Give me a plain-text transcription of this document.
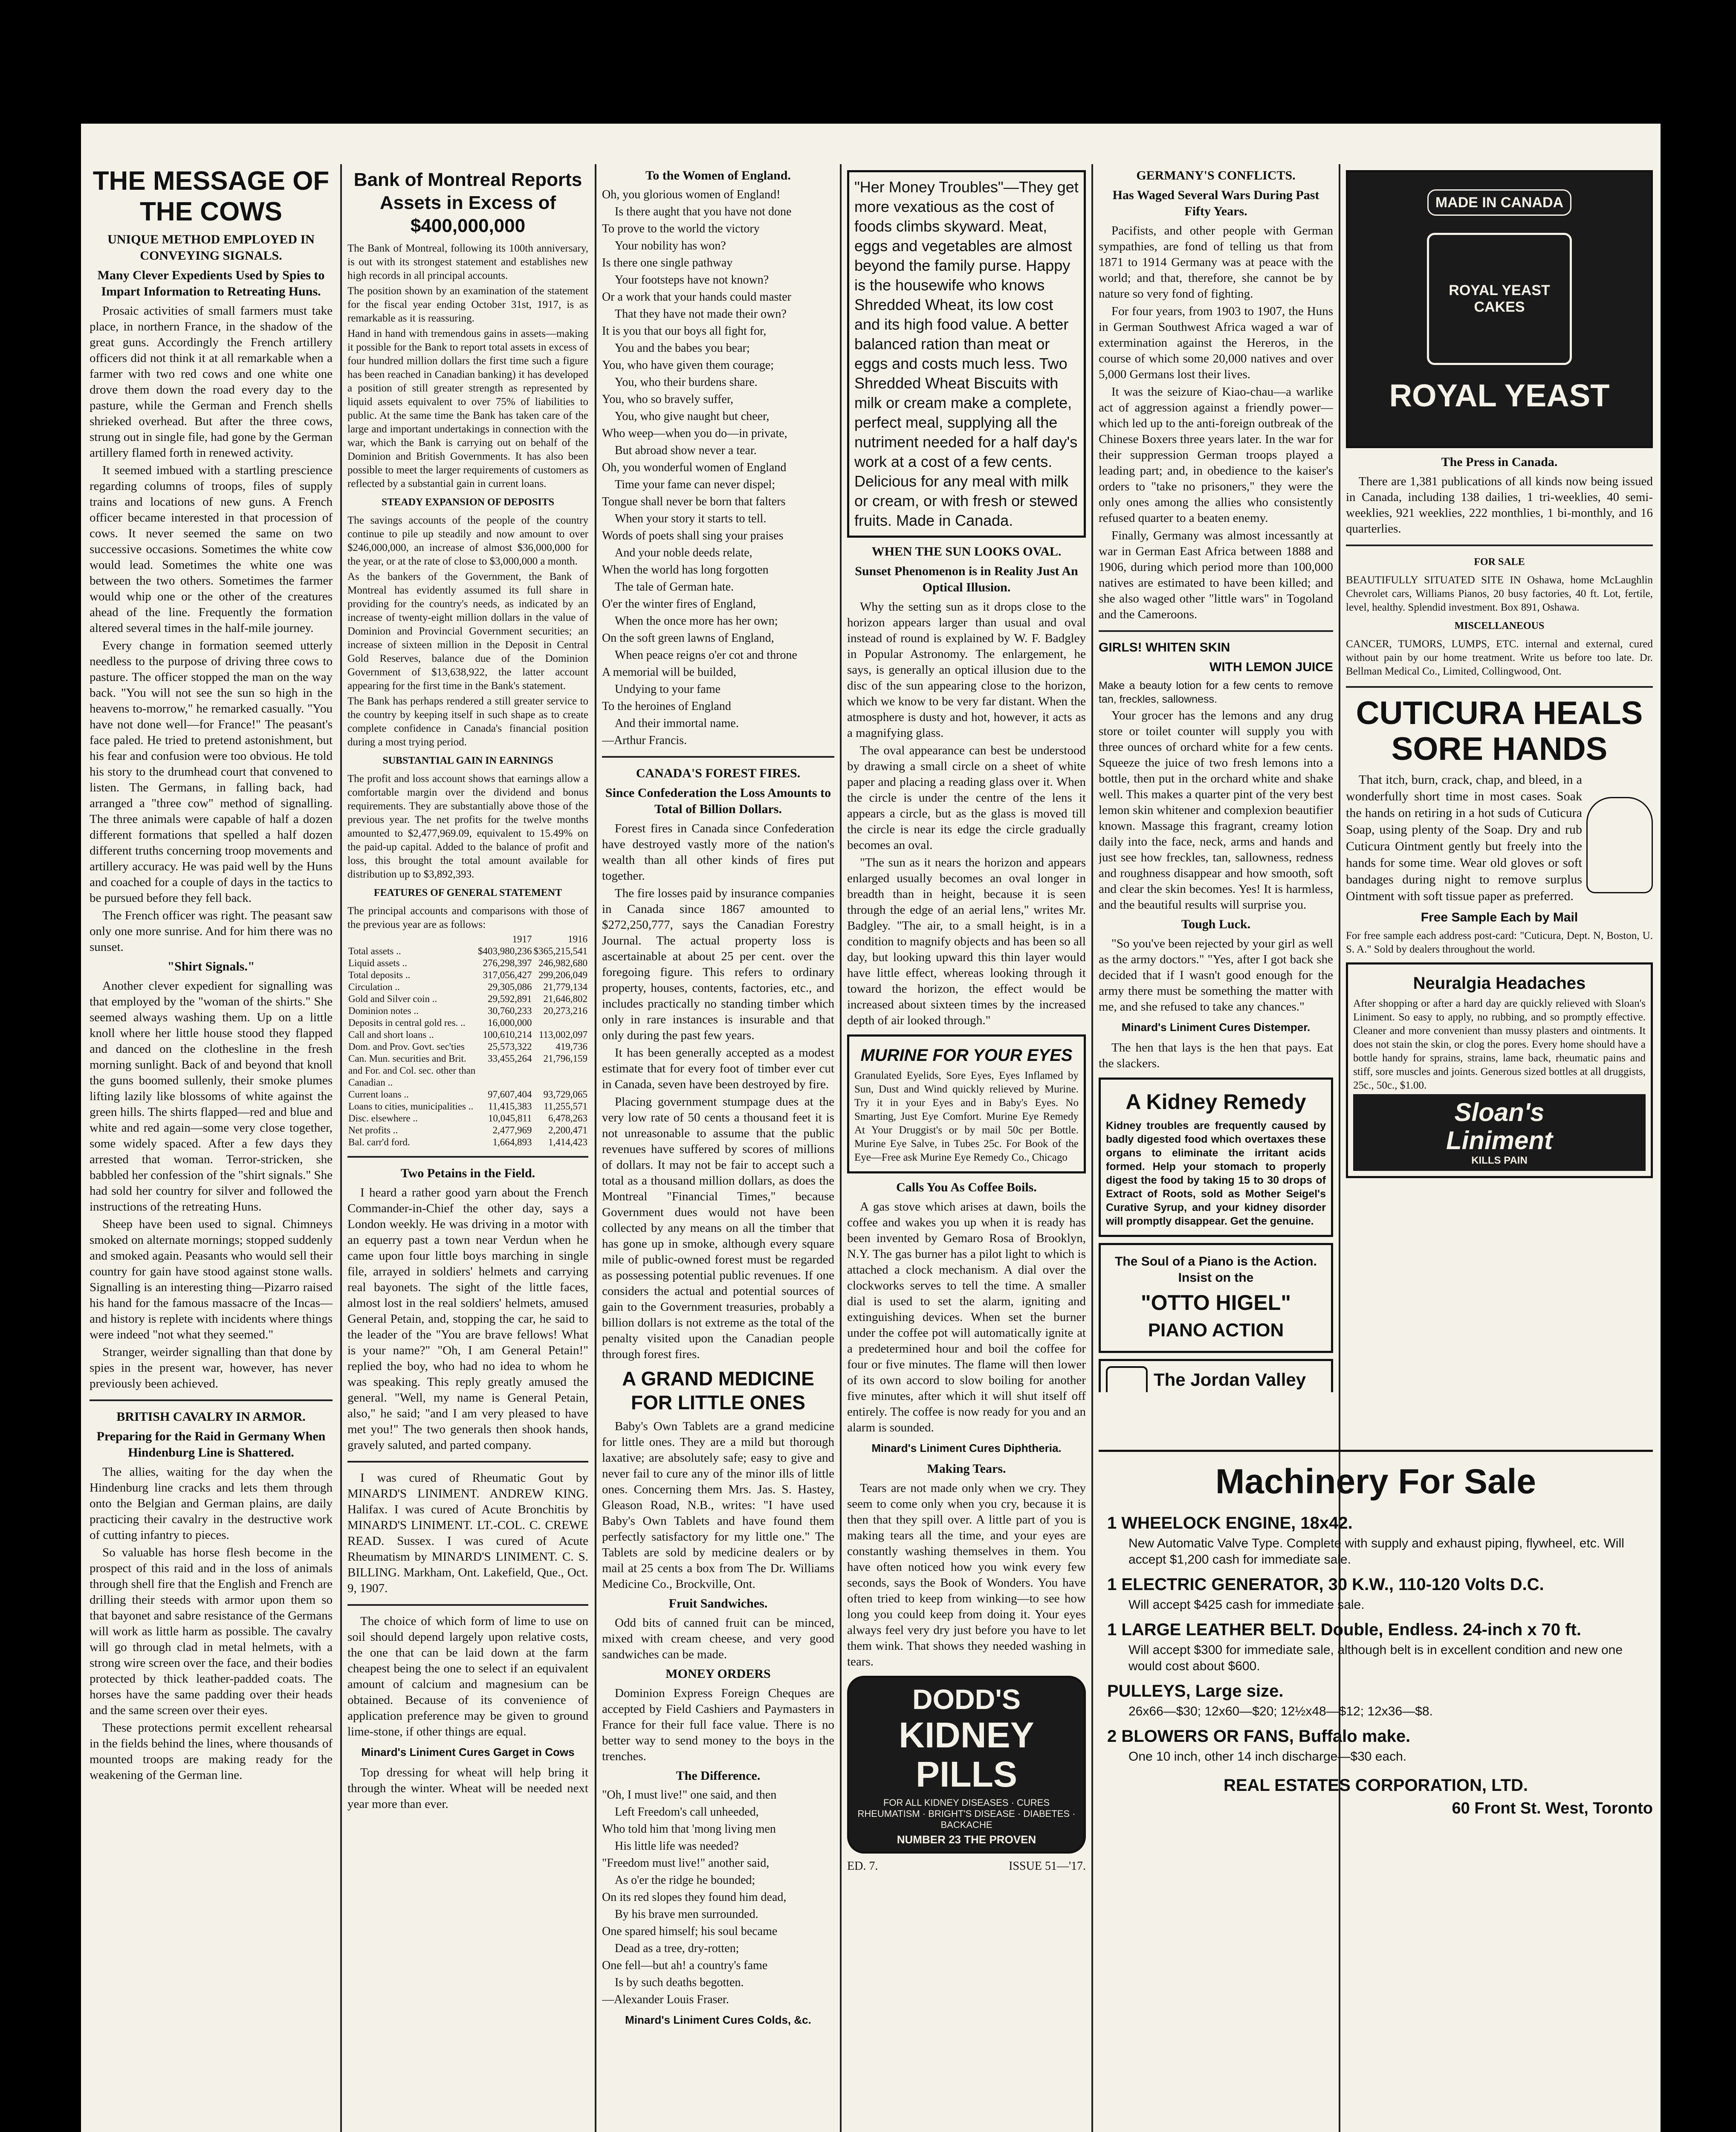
THE MESSAGE OF THE COWS
UNIQUE METHOD EMPLOYED IN CONVEYING SIGNALS.
Many Clever Expedients Used by Spies to Impart Information to Retreating Huns.

Prosaic activities of small farmers must take place, in northern France, in the shadow of the great guns. Accordingly the French artillery officers did not think it at all remarkable when a farmer with two red cows and one white one drove them down the road every day to the pasture, while the German and French shells shrieked overhead. But after the three cows, strung out in single file, had gone by the German artillery flamed forth in renewed activity.

It seemed imbued with a startling prescience regarding columns of troops, files of supply trains and locations of new guns. A French officer became interested in that procession of cows. It never seemed the same on two successive occasions. Sometimes the white cow would lead. Sometimes the white one was between the two others. Sometimes the farmer would whip one or the other of the creatures ahead of the line. Frequently the formation altered several times in the half-mile journey.

Every change in formation seemed utterly needless to the purpose of driving three cows to pasture. The officer stopped the man on the way back. "You will not see the sun so high in the heavens to-morrow," he remarked casually. "You have not done well—for France!" The peasant's face paled. He tried to pretend astonishment, but his fear and confusion were too obvious. He told his story to the drumhead court that convened to listen. The Germans, in falling back, had arranged a "three cow" method of signalling. The three animals were capable of half a dozen different formations that spelled a half dozen different truths concerning troop movements and artillery accuracy. He was paid well by the Huns and coached for a couple of days in the tactics to be pursued before they fell back.

The French officer was right. The peasant saw only one more sunrise. And for him there was no sunset.

"Shirt Signals."

Another clever expedient for signalling was that employed by the "woman of the shirts." She seemed always washing them. Up on a little knoll where her little house stood they flapped and danced on the clothesline in the fresh morning sunlight. Back of and beyond that knoll the guns boomed sullenly, their smoke plumes lifting lazily like blossoms of white against the green hills. The shirts flapped—red and blue and white and red again—some very close together, some widely spaced. After a few days they arrested that woman. Terror-stricken, she babbled her confession of the "shirt signals." She had sold her country for silver and followed the instructions of the retreating Huns.

Sheep have been used to signal. Chimneys smoked on alternate mornings; stopped suddenly and smoked again. Peasants who would sell their country for gain have stood against stone walls. Signalling is an interesting thing—Pizarro raised his hand for the famous massacre of the Incas—and history is replete with incidents where things were indeed "not what they seemed."

Stranger, weirder signalling than that done by spies in the present war, however, has never previously been achieved.

BRITISH CAVALRY IN ARMOR.
Preparing for the Raid in Germany When Hindenburg Line is Shattered.

The allies, waiting for the day when the Hindenburg line cracks and lets them through onto the Belgian and German plains, are daily practicing their cavalry in the destructive work of cutting infantry to pieces.

So valuable has horse flesh become in the prospect of this raid and in the loss of animals through shell fire that the English and French are drilling their steeds with armor upon them so that bayonet and sabre resistance of the Germans will work as little harm as possible. The cavalry will go through clad in metal helmets, with a strong wire screen over the face, and their bodies protected by thick leather-padded coats. The horses have the same padding over their heads and the same screen over their eyes.

These protections permit excellent rehearsal in the fields behind the lines, where thousands of mounted troops are making ready for the weakening of the German line.

Bank of Montreal Reports Assets in Excess of $400,000,000

The Bank of Montreal, following its 100th anniversary, is out with its strongest statement and establishes new high records in all principal accounts.

The position shown by an examination of the statement for the fiscal year ending October 31st, 1917, is as remarkable as it is reassuring.

Hand in hand with tremendous gains in assets—making it possible for the Bank to report total assets in excess of four hundred million dollars the first time such a figure has been reached in Canadian banking) it has developed a position of still greater strength as represented by liquid assets equivalent to over 75% of liabilities to public. At the same time the Bank has taken care of the large and important undertakings in connection with the war, which the Bank is carrying out on behalf of the Dominion and British Governments. It has also been possible to meet the larger requirements of customers as reflected by a substantial gain in current loans.

STEADY EXPANSION OF DEPOSITS

The savings accounts of the people of the country continue to pile up steadily and now amount to over $246,000,000, an increase of almost $36,000,000 for the year, or at the rate of close to $3,000,000 a month.

As the bankers of the Government, the Bank of Montreal has evidently assumed its full share in providing for the country's needs, as indicated by an increase of twenty-eight million dollars in the value of Dominion and Provincial Government securities; an increase of sixteen million in the Deposit in Central Gold Reserves, balance due of the Dominion Government of $13,638,922, the latter account appearing for the first time in the Bank's statement.

The Bank has perhaps rendered a still greater service to the country by keeping itself in such shape as to create complete confidence in Canada's financial position during a most trying period.

SUBSTANTIAL GAIN IN EARNINGS

The profit and loss account shows that earnings allow a comfortable margin over the dividend and bonus requirements. They are substantially above those of the previous year. The net profits for the twelve months amounted to $2,477,969.09, equivalent to 15.49% on the paid-up capital. Added to the balance of profit and loss, this brought the total amount available for distribution up to $3,892,393.

FEATURES OF GENERAL STATEMENT

The principal accounts and comparisons with those of the previous year are as follows:

	1917	1916
Total assets ..	$403,980,236	$365,215,541
Liquid assets ..	276,298,397	246,982,680
Total deposits ..	317,056,427	299,206,049
Circulation ..	29,305,086	21,779,134
Gold and Silver coin ..	29,592,891	21,646,802
Dominion notes ..	30,760,233	20,273,216
Deposits in central gold res. ..	16,000,000	
Call and short loans ..	100,610,214	113,002,097
Dom. and Prov. Govt. sec'ties	25,573,322	419,736
Can. Mun. securities and Brit. and For. and Col. sec. other than Canadian ..	33,455,264	21,796,159
Current loans ..	97,607,404	93,729,065
Loans to cities, municipalities ..	11,415,383	11,255,571
Disc. elsewhere ..	10,045,811	6,478,263
Net profits ..	2,477,969	2,200,471
Bal. carr'd ford.	1,664,893	1,414,423
Two Petains in the Field.

I heard a rather good yarn about the French Commander-in-Chief the other day, says a London weekly. He was driving in a motor with an equerry past a town near Verdun when he came upon four little boys marching in single file, arrayed in soldiers' helmets and carrying real bayonets. The sight of the little faces, almost lost in the real soldiers' helmets, amused General Petain, and, stopping the car, he said to the leader of the "You are brave fellows! What is your name?" "Oh, I am General Petain!" replied the boy, who had no idea to whom he was speaking. This reply greatly amused the general. "Well, my name is General Petain, also," he said; "and I am very pleased to have met you!" The two generals then shook hands, gravely saluted, and parted company.

I was cured of Rheumatic Gout by MINARD'S LINIMENT. ANDREW KING. Halifax. I was cured of Acute Bronchitis by MINARD'S LINIMENT. LT.-COL. C. CREWE READ. Sussex. I was cured of Acute Rheumatism by MINARD'S LINIMENT. C. S. BILLING. Markham, Ont. Lakefield, Que., Oct. 9, 1907.

The choice of which form of lime to use on soil should depend largely upon relative costs, the one that can be laid down at the farm cheapest being the one to select if an equivalent amount of calcium and magnesium can be obtained. Because of its convenience of application preference may be given to ground lime-stone, if other things are equal.

Minard's Liniment Cures Garget in Cows

Top dressing for wheat will help bring it through the winter. Wheat will be needed next year more than ever.

To the Women of England.
Oh, you glorious women of England!
Is there aught that you have not done
To prove to the world the victory
Your nobility has won?
Is there one single pathway
Your footsteps have not known?
Or a work that your hands could master
That they have not made their own?
It is you that our boys all fight for,
You and the babes you bear;
You, who have given them courage;
You, who their burdens share.
You, who so bravely suffer,
You, who give naught but cheer,
Who weep—when you do—in private,
But abroad show never a tear.
Oh, you wonderful women of England
Time your fame can never dispel;
Tongue shall never be born that falters
When your story it starts to tell.
Words of poets shall sing your praises
And your noble deeds relate,
When the world has long forgotten
The tale of German hate.
O'er the winter fires of England,
When the once more has her own;
On the soft green lawns of England,
When peace reigns o'er cot and throne
A memorial will be builded,
Undying to your fame
To the heroines of England
And their immortal name.
—Arthur Francis.
CANADA'S FOREST FIRES.
Since Confederation the Loss Amounts to Total of Billion Dollars.

Forest fires in Canada since Confederation have destroyed vastly more of the nation's wealth than all other kinds of fires put together.

The fire losses paid by insurance companies in Canada since 1867 amounted to $272,250,777, says the Canadian Forestry Journal. The actual property loss is ascertainable at about 25 per cent. over the foregoing figure. This refers to ordinary property, houses, contents, factories, etc., and includes practically no standing timber which only in rare instances is insurable and that only during the past few years.

It has been generally accepted as a modest estimate that for every foot of timber ever cut in Canada, seven have been destroyed by fire.

Placing government stumpage dues at the very low rate of 50 cents a thousand feet it is not unreasonable to assume that the public revenues have suffered by scores of millions of dollars. It may not be fair to accept such a total as a thousand million dollars, as does the Montreal "Financial Times," because Government dues would not have been collected by any means on all the timber that has gone up in smoke, although every square mile of public-owned forest must be regarded as possessing potential public revenues. If one considers the actual and potential sources of gain to the Government treasuries, probably a billion dollars is not extreme as the total of the penalty visited upon the Canadian people through forest fires.

A GRAND MEDICINE FOR LITTLE ONES

Baby's Own Tablets are a grand medicine for little ones. They are a mild but thorough laxative; are absolutely safe; easy to give and never fail to cure any of the minor ills of little ones. Concerning them Mrs. Jas. S. Hastey, Gleason Road, N.B., writes: "I have used Baby's Own Tablets and have found them perfectly satisfactory for my little one." The Tablets are sold by medicine dealers or by mail at 25 cents a box from The Dr. Williams Medicine Co., Brockville, Ont.

Fruit Sandwiches.

Odd bits of canned fruit can be minced, mixed with cream cheese, and very good sandwiches can be made.

MONEY ORDERS

Dominion Express Foreign Cheques are accepted by Field Cashiers and Paymasters in France for their full face value. There is no better way to send money to the boys in the trenches.

The Difference.
"Oh, I must live!" one said, and then
Left Freedom's call unheeded,
Who told him that 'mong living men
His little life was needed?
"Freedom must live!" another said,
As o'er the ridge he bounded;
On its red slopes they found him dead,
By his brave men surrounded.
One spared himself; his soul became
Dead as a tree, dry-rotten;
One fell—but ah! a country's fame
Is by such deaths begotten.
—Alexander Louis Fraser.
Minard's Liniment Cures Colds, &c.
"Her Money Troubles"—They get more vexatious as the cost of foods climbs skyward. Meat, eggs and vegetables are almost beyond the family purse. Happy is the housewife who knows Shredded Wheat, its low cost and its high food value. A better balanced ration than meat or eggs and costs much less. Two Shredded Wheat Biscuits with milk or cream make a complete, perfect meal, supplying all the nutriment needed for a half day's work at a cost of a few cents. Delicious for any meal with milk or cream, or with fresh or stewed fruits. Made in Canada.
WHEN THE SUN LOOKS OVAL.
Sunset Phenomenon is in Reality Just An Optical Illusion.

Why the setting sun as it drops close to the horizon appears larger than usual and oval instead of round is explained by W. F. Badgley in Popular Astronomy. The enlargement, he says, is generally an optical illusion due to the disc of the sun appearing close to the horizon, which we know to be very far distant. When the atmosphere is dusty and hot, however, it acts as a magnifying glass.

The oval appearance can best be understood by drawing a small circle on a sheet of white paper and placing a reading glass over it. When the circle is under the centre of the lens it appears a circle, but as the glass is moved till the circle is near its edge the circle gradually becomes an oval.

"The sun as it nears the horizon and appears enlarged usually becomes an oval longer in breadth than in height, because it is seen through the edge of an aerial lens," writes Mr. Badgley. "The air, to a small height, is in a condition to magnify objects and has been so all day, but looking upward this thin layer would have little effect, whereas looking through it toward the horizon, the effect would be increased about sixteen times by the increased depth of air looked through."

MURINE FOR YOUR EYES

Granulated Eyelids, Sore Eyes, Eyes Inflamed by Sun, Dust and Wind quickly relieved by Murine. Try it in your Eyes and in Baby's Eyes. No Smarting, Just Eye Comfort. Murine Eye Remedy At Your Druggist's or by mail 50c per Bottle. Murine Eye Salve, in Tubes 25c. For Book of the Eye—Free ask Murine Eye Remedy Co., Chicago

Calls You As Coffee Boils.

A gas stove which arises at dawn, boils the coffee and wakes you up when it is ready has been invented by Gemaro Rosa of Brooklyn, N.Y. The gas burner has a pilot light to which is attached a clock mechanism. A dial over the clockworks serves to tell the time. A smaller dial is used to set the alarm, igniting and extinguishing devices. When set the burner under the coffee pot will automatically ignite at a predetermined hour and boil the coffee for four or five minutes. The flame will then lower of its own accord to slow boiling for another five minutes, after which it will shut itself off entirely. The coffee is now ready for you and an alarm is sounded.

Minard's Liniment Cures Diphtheria.
Making Tears.

Tears are not made only when we cry. They seem to come only when you cry, because it is then that they spill over. A little part of you is making tears all the time, and your eyes are constantly washing themselves in them. You have often noticed how you wink every few seconds, says the Book of Wonders. You have often tried to keep from winking—to see how long you could keep from doing it. Your eyes always feel very dry just before you have to let them wink. That shows they needed washing in tears.

DODD'S
KIDNEY
PILLS
FOR ALL KIDNEY DISEASES · CURES RHEUMATISM · BRIGHT'S DISEASE · DIABETES · BACKACHE
NUMBER 23 THE PROVEN
ED. 7.	ISSUE 51—'17.
GERMANY'S CONFLICTS.
Has Waged Several Wars During Past Fifty Years.

Pacifists, and other people with German sympathies, are fond of telling us that from 1871 to 1914 Germany was at peace with the world; and that, therefore, she cannot be by nature so very fond of fighting.

For four years, from 1903 to 1907, the Huns in German Southwest Africa waged a war of extermination against the Hereros, in the course of which some 20,000 natives and over 5,000 Germans lost their lives.

It was the seizure of Kiao-chau—a warlike act of aggression against a friendly power—which led up to the anti-foreign outbreak of the Chinese Boxers three years later. In the war for their suppression German troops played a leading part; and, in obedience to the kaiser's orders to "take no prisoners," they were the only ones among the allies who consistently refused quarter to a beaten enemy.

Finally, Germany was almost incessantly at war in German East Africa between 1888 and 1906, during which period more than 100,000 natives are estimated to have been killed; and she also waged other "little wars" in Togoland and the Cameroons.

GIRLS! WHITEN SKIN
WITH LEMON JUICE

Make a beauty lotion for a few cents to remove tan, freckles, sallowness.

Your grocer has the lemons and any drug store or toilet counter will supply you with three ounces of orchard white for a few cents. Squeeze the juice of two fresh lemons into a bottle, then put in the orchard white and shake well. This makes a quarter pint of the very best lemon skin whitener and complexion beautifier known. Massage this fragrant, creamy lotion daily into the face, neck, arms and hands and just see how freckles, tan, sallowness, redness and roughness disappear and how smooth, soft and clear the skin becomes. Yes! It is harmless, and the beautiful results will surprise you.

Tough Luck.

"So you've been rejected by your girl as well as the army doctors." "Yes, after I got back she decided that if I wasn't good enough for the army there must be something the matter with me, and she refused to take any chances."

Minard's Liniment Cures Distemper.

The hen that lays is the hen that pays. Eat the slackers.

A Kidney Remedy

Kidney troubles are frequently caused by badly digested food which overtaxes these organs to eliminate the irritant acids formed. Help your stomach to properly digest the food by taking 15 to 30 drops of Extract of Roots, sold as Mother Seigel's Curative Syrup, and your kidney disorder will promptly disappear. Get the genuine.

The Soul of a Piano is the Action. Insist on the
"OTTO HIGEL"
PIANO ACTION
The Jordan Valley

Machinery For Sale
1 WHEELOCK ENGINE, 18x42.
New Automatic Valve Type. Complete with supply and exhaust piping, flywheel, etc. Will accept $1,200 cash for immediate sale.
1 ELECTRIC GENERATOR, 30 K.W., 110-120 Volts D.C.
Will accept $425 cash for immediate sale.
1 LARGE LEATHER BELT. Double, Endless. 24-inch x 70 ft.
Will accept $300 for immediate sale, although belt is in excellent condition and new one would cost about $600.
PULLEYS, Large size.
26x66—$30; 12x60—$20; 12½x48—$12; 12x36—$8.
2 BLOWERS OR FANS, Buffalo make.
One 10 inch, other 14 inch discharge—$30 each.
REAL ESTATES CORPORATION, LTD.
60 Front St. West, Toronto
MADE IN CANADA
ROYAL YEAST CAKES
ROYAL YEAST
The Press in Canada.

There are 1,381 publications of all kinds now being issued in Canada, including 138 dailies, 1 tri-weeklies, 40 semi-weeklies, 921 weeklies, 222 monthlies, 1 bi-monthly, and 16 quarterlies.

FOR SALE

BEAUTIFULLY SITUATED SITE IN Oshawa, home McLaughlin Chevrolet cars, Williams Pianos, 20 busy factories, 40 ft. Lot, fertile, level, healthy. Splendid investment. Box 891, Oshawa.

MISCELLANEOUS

CANCER, TUMORS, LUMPS, ETC. internal and external, cured without pain by our home treatment. Write us before too late. Dr. Bellman Medical Co., Limited, Collingwood, Ont.

CUTICURA HEALS SORE HANDS

That itch, burn, crack, chap, and bleed, in a wonderfully short time in most cases. Soak the hands on retiring in a hot suds of Cuticura Soap, using plenty of the Soap. Dry and rub Cuticura Ointment gently but freely into the hands for some time. Wear old gloves or soft bandages during night to remove surplus Ointment with soft tissue paper as preferred.

Free Sample Each by Mail

For free sample each address post-card: "Cuticura, Dept. N, Boston, U. S. A." Sold by dealers throughout the world.

Neuralgia Headaches

After shopping or after a hard day are quickly relieved with Sloan's Liniment. So easy to apply, no rubbing, and so promptly effective. Cleaner and more convenient than mussy plasters and ointments. It does not stain the skin, or clog the pores. Every home should have a bottle handy for sprains, strains, lame back, rheumatic pains and stiff, sore muscles and joints. Generous sized bottles at all druggists, 25c., 50c., $1.00.

Sloan's
Liniment
KILLS PAIN
